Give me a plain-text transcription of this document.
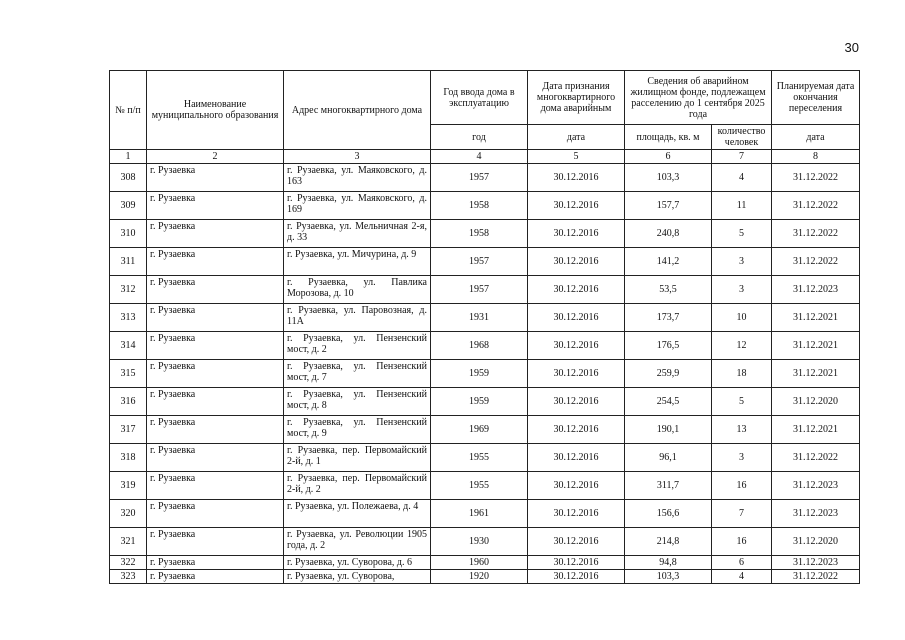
30
№ п/п	Наименование муниципального образования	Адрес многоквартирного дома	Год ввода дома в эксплуатацию	Дата признания многоквартирного дома аварийным	Сведения об аварийном жилищном фонде, подлежащем расселению до 1 сентября 2025 года		Планируемая дата окончания переселения
			год	дата	площадь, кв. м	количество человек	дата
1	2	3	4	5	6	7	8
308	г. Рузаевка	г. Рузаевка, ул. Маяковского, д. 163	1957	30.12.2016	103,3	4	31.12.2022
309	г. Рузаевка	г. Рузаевка, ул. Маяковского, д. 169	1958	30.12.2016	157,7	11	31.12.2022
310	г. Рузаевка	г. Рузаевка, ул. Мельничная 2-я, д. 33	1958	30.12.2016	240,8	5	31.12.2022
311	г. Рузаевка	г. Рузаевка, ул. Мичурина, д. 9	1957	30.12.2016	141,2	3	31.12.2022
312	г. Рузаевка	г. Рузаевка, ул. Павлика Морозова, д. 10	1957	30.12.2016	53,5	3	31.12.2023
313	г. Рузаевка	г. Рузаевка, ул. Паровозная, д. 11А	1931	30.12.2016	173,7	10	31.12.2021
314	г. Рузаевка	г. Рузаевка, ул. Пензенский мост, д. 2	1968	30.12.2016	176,5	12	31.12.2021
315	г. Рузаевка	г. Рузаевка, ул. Пензенский мост, д. 7	1959	30.12.2016	259,9	18	31.12.2021
316	г. Рузаевка	г. Рузаевка, ул. Пензенский мост, д. 8	1959	30.12.2016	254,5	5	31.12.2020
317	г. Рузаевка	г. Рузаевка, ул. Пензенский мост, д. 9	1969	30.12.2016	190,1	13	31.12.2021
318	г. Рузаевка	г. Рузаевка, пер. Первомайский 2-й, д. 1	1955	30.12.2016	96,1	3	31.12.2022
319	г. Рузаевка	г. Рузаевка, пер. Первомайский 2-й, д. 2	1955	30.12.2016	311,7	16	31.12.2023
320	г. Рузаевка	г. Рузаевка, ул. Полежаева, д. 4	1961	30.12.2016	156,6	7	31.12.2023
321	г. Рузаевка	г. Рузаевка, ул. Революции 1905 года, д. 2	1930	30.12.2016	214,8	16	31.12.2020
322	г. Рузаевка	г. Рузаевка, ул. Суворова, д. 6	1960	30.12.2016	94,8	6	31.12.2023
323	г. Рузаевка	г. Рузаевка, ул. Суворова,	1920	30.12.2016	103,3	4	31.12.2022
